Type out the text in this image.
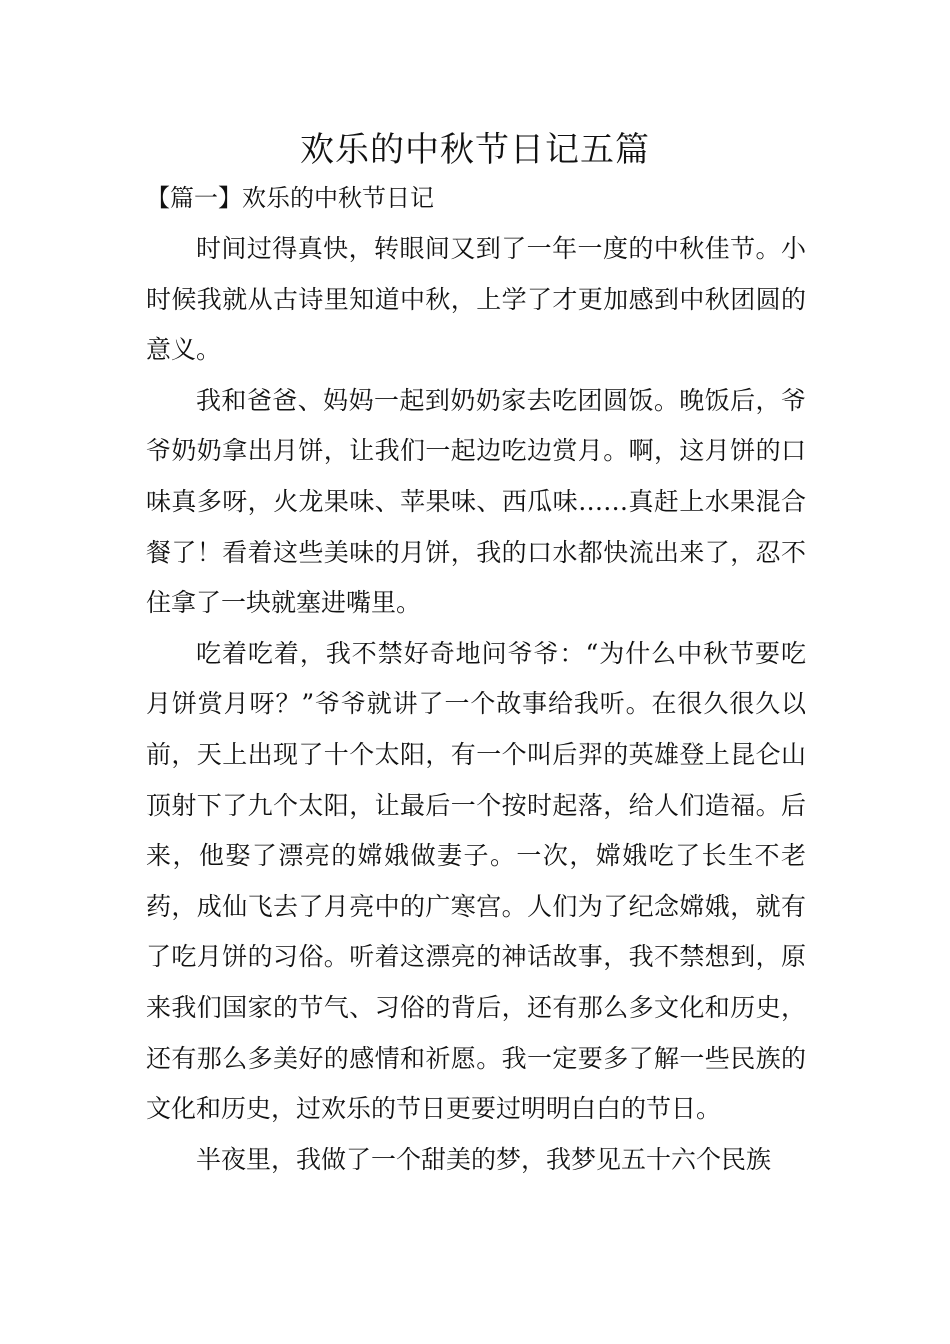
欢乐的中秋节日记五篇
【篇一】欢乐的中秋节日记

时间过得真快，转眼间又到了一年一度的中秋佳节。小时候我就从古诗里知道中秋，上学了才更加感到中秋团圆的意义。

我和爸爸、妈妈一起到奶奶家去吃团圆饭。晚饭后，爷爷奶奶拿出月饼，让我们一起边吃边赏月。啊，这月饼的口味真多呀，火龙果味、苹果味、西瓜味……真赶上水果混合餐了！看着这些美味的月饼，我的口水都快流出来了，忍不住拿了一块就塞进嘴里。

吃着吃着，我不禁好奇地问爷爷：“为什么中秋节要吃月饼赏月呀？”爷爷就讲了一个故事给我听。在很久很久以前，天上出现了十个太阳，有一个叫后羿的英雄登上昆仑山顶射下了九个太阳，让最后一个按时起落，给人们造福。后来，他娶了漂亮的嫦娥做妻子。一次，嫦娥吃了长生不老药，成仙飞去了月亮中的广寒宫。人们为了纪念嫦娥，就有了吃月饼的习俗。听着这漂亮的神话故事，我不禁想到，原来我们国家的节气、习俗的背后，还有那么多文化和历史，还有那么多美好的感情和祈愿。我一定要多了解一些民族的文化和历史，过欢乐的节日更要过明明白白的节日。

半夜里，我做了一个甜美的梦，我梦见五十六个民族
